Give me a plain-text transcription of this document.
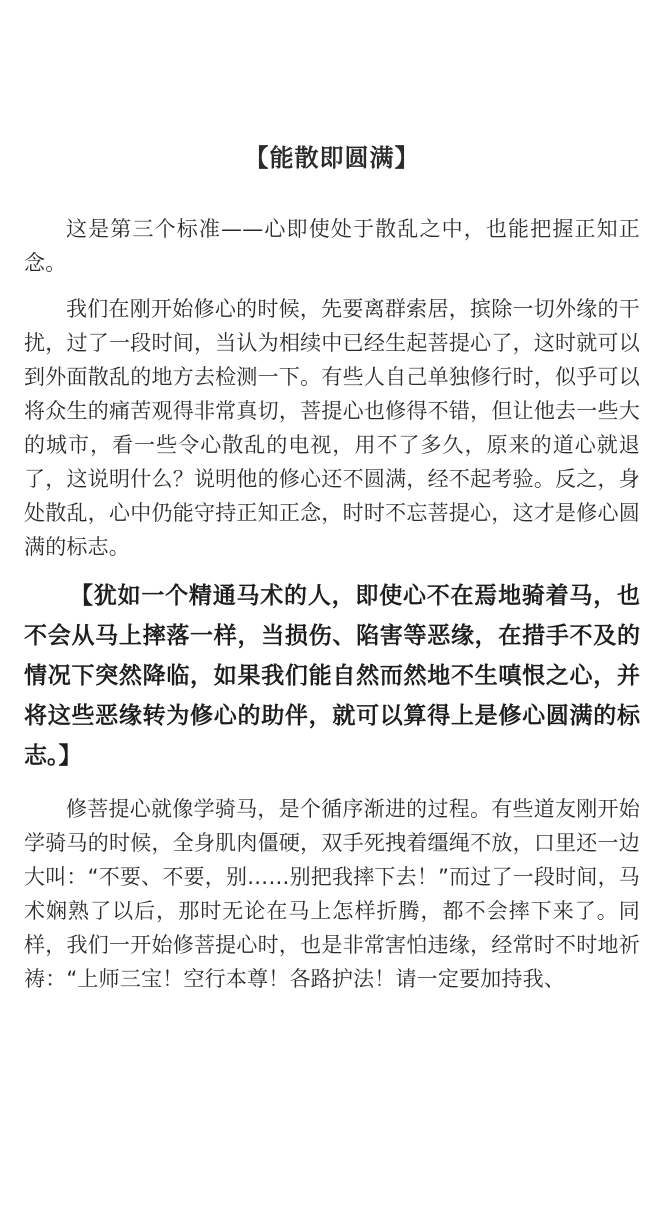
【能散即圆满】

这是第三个标准——心即使处于散乱之中，也能把握正知正念。

我们在刚开始修心的时候，先要离群索居，摈除一切外缘的干扰，过了一段时间，当认为相续中已经生起菩提心了，这时就可以到外面散乱的地方去检测一下。有些人自己单独修行时，似乎可以将众生的痛苦观得非常真切，菩提心也修得不错，但让他去一些大的城市，看一些令心散乱的电视，用不了多久，原来的道心就退了，这说明什么？说明他的修心还不圆满，经不起考验。反之，身处散乱，心中仍能守持正知正念，时时不忘菩提心，这才是修心圆满的标志。

【犹如一个精通马术的人，即使心不在焉地骑着马，也不会从马上摔落一样，当损伤、陷害等恶缘，在措手不及的情况下突然降临，如果我们能自然而然地不生嗔恨之心，并将这些恶缘转为修心的助伴，就可以算得上是修心圆满的标志。】

修菩提心就像学骑马，是个循序渐进的过程。有些道友刚开始学骑马的时候，全身肌肉僵硬，双手死拽着缰绳不放，口里还一边大叫：“不要、不要，别……别把我摔下去！”而过了一段时间，马术娴熟了以后，那时无论在马上怎样折腾，都不会摔下来了。同样，我们一开始修菩提心时，也是非常害怕违缘，经常时不时地祈祷：“上师三宝！空行本尊！各路护法！请一定要加持我、
